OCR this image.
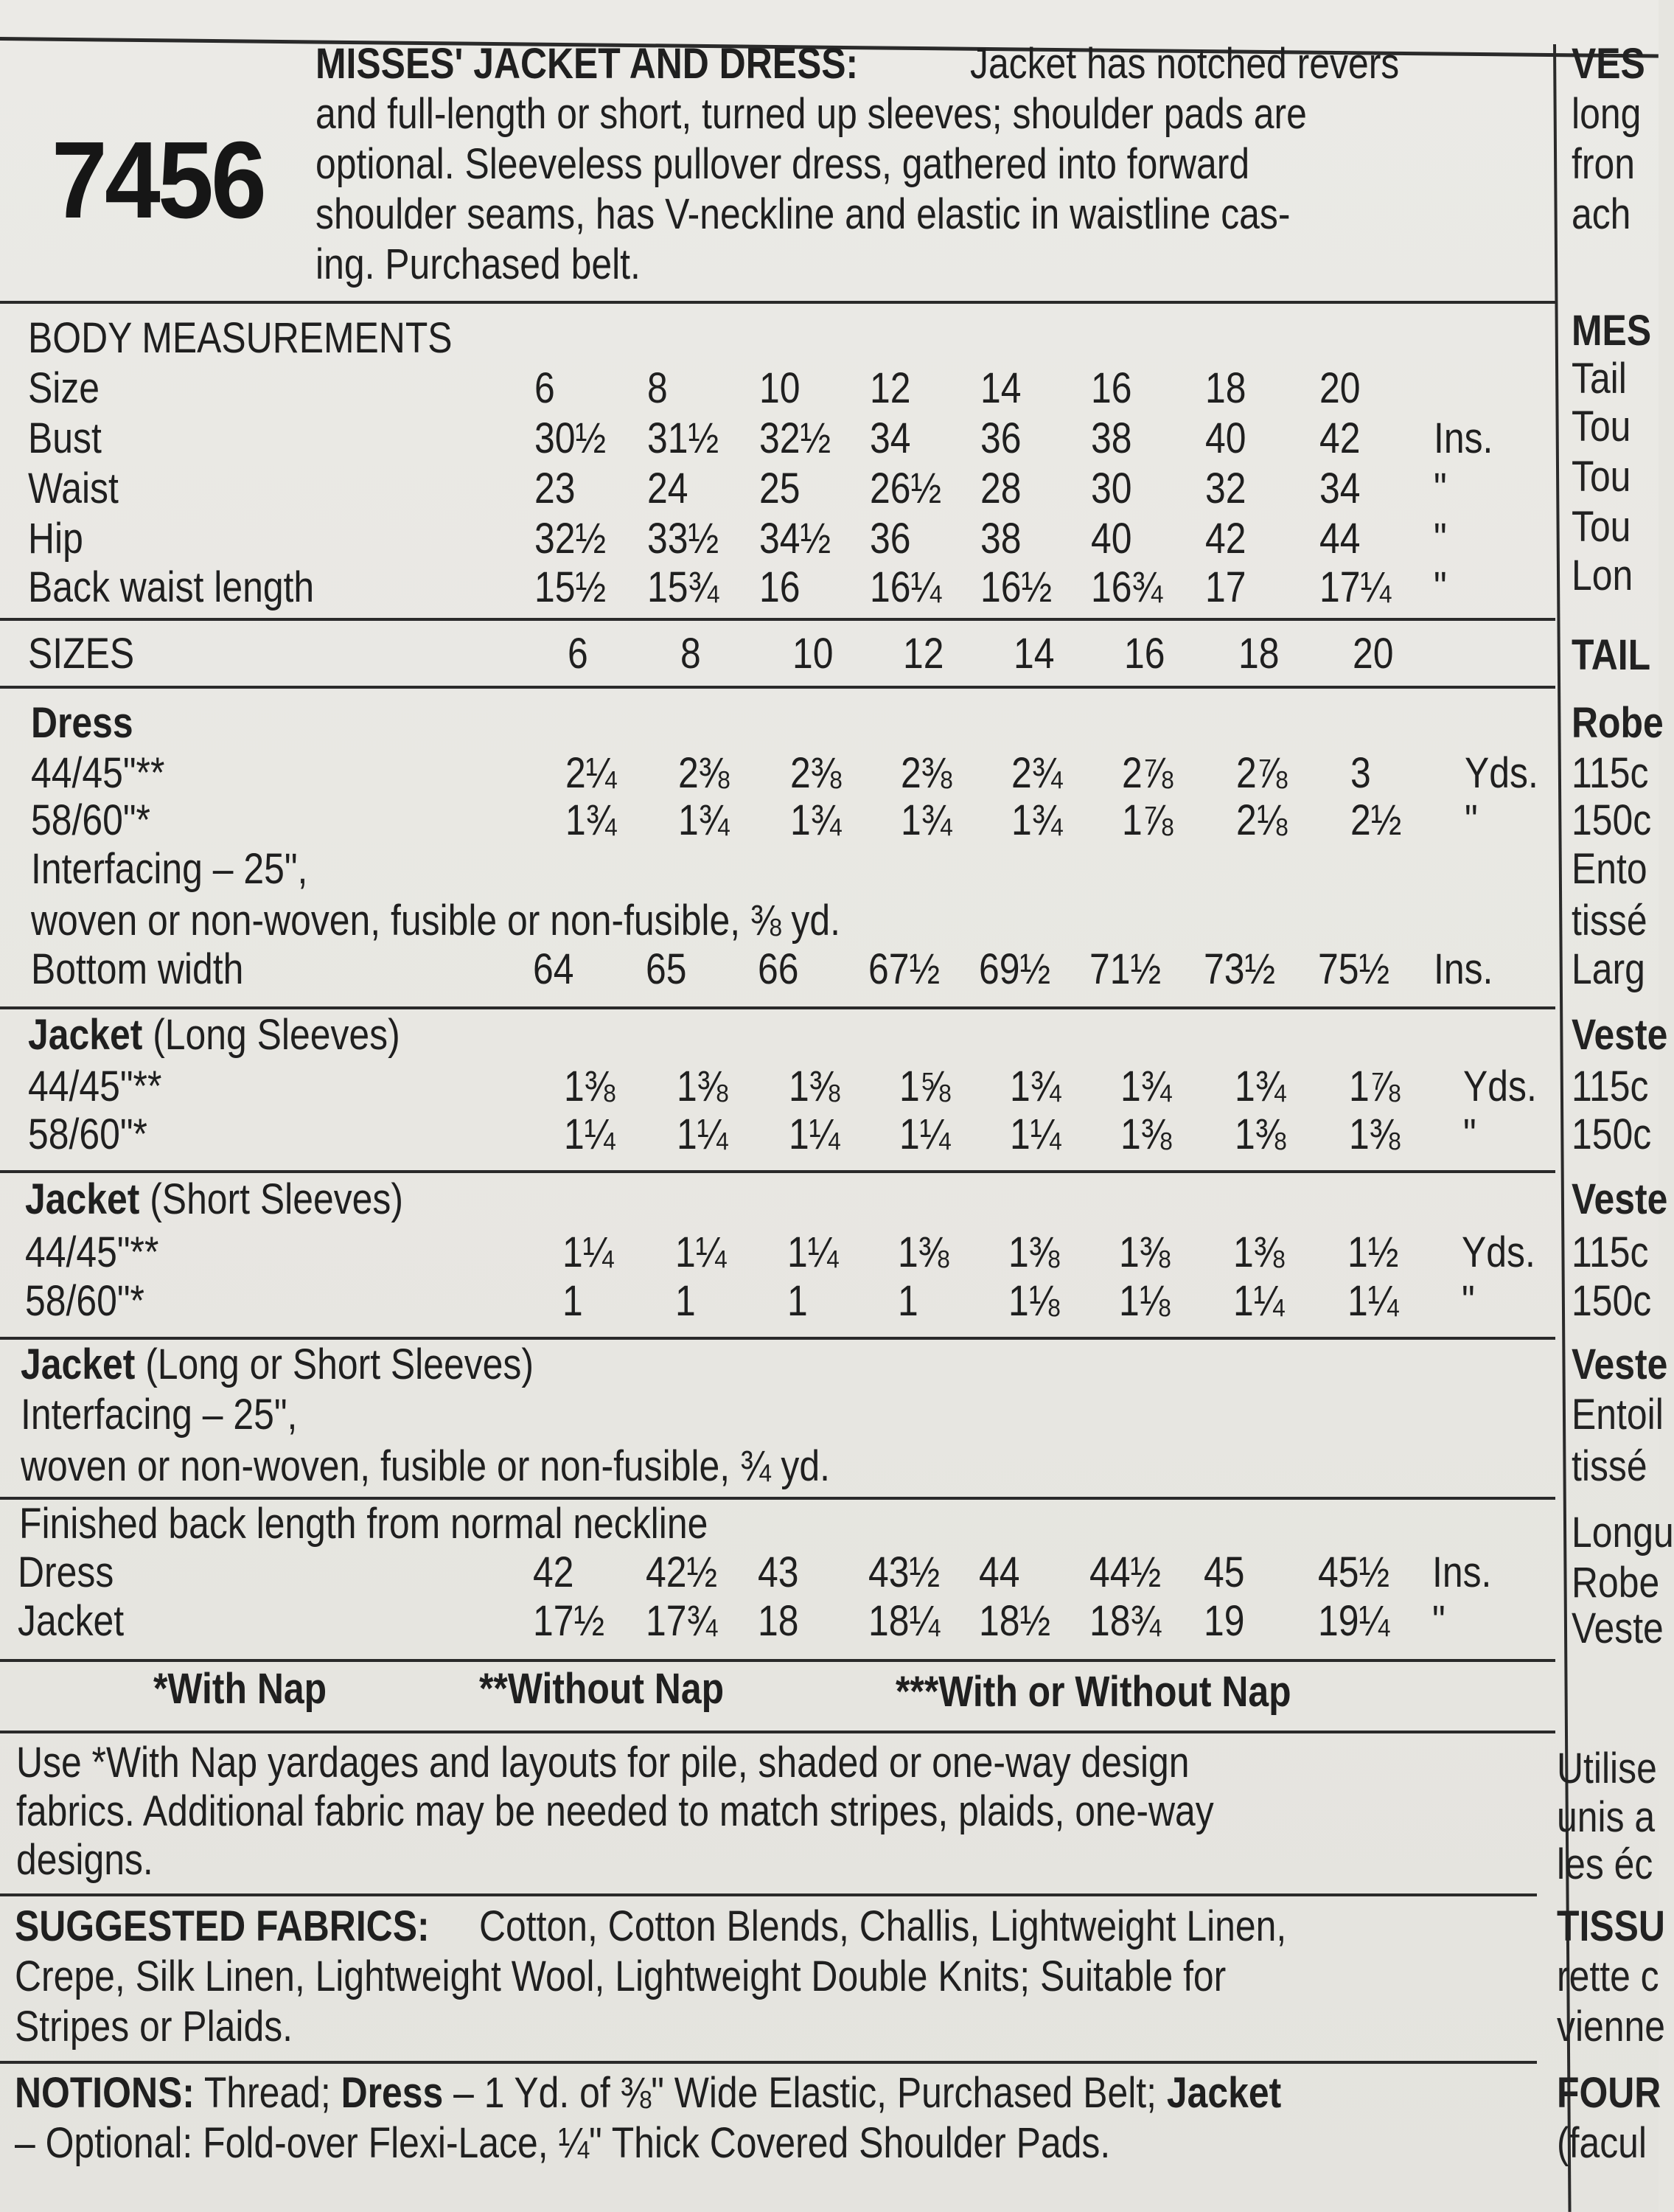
7456
MISSES' JACKET AND DRESS:	Jacket has notched revers
and full-length or short, turned up sleeves; shoulder pads are
optional. Sleeveless pullover dress, gathered into forward
shoulder seams, has V-neckline and elastic in waistline cas-
ing. Purchased belt.
BODY MEASUREMENTS
Size	6 8 10 12 14 16 18 20
Bust	30½ 31½ 32½ 34 36 38 40 42 Ins.
Waist	23 24 25 26½ 28 30 32 34 "
Hip	32½ 33½ 34½ 36 38 40 42 44 "
Back waist length	15½ 15¾ 16 16¼ 16½ 16¾ 17 17¼ "
SIZES	6 8 10 12 14 16 18 20
Dress
44/45"**	2¼ 2⅜ 2⅜ 2⅜ 2¾ 2⅞ 2⅞ 3 Yds.
58/60"*	1¾ 1¾ 1¾ 1¾ 1¾ 1⅞ 2⅛ 2½ "
Interfacing – 25",
woven or non-woven, fusible or non-fusible, ⅜ yd.
Bottom width	64 65 66 67½ 69½ 71½ 73½ 75½ Ins.
Jacket (Long Sleeves)
44/45"**	1⅜ 1⅜ 1⅜ 1⅝ 1¾ 1¾ 1¾ 1⅞ Yds.
58/60"*	1¼ 1¼ 1¼ 1¼ 1¼ 1⅜ 1⅜ 1⅜ "
Jacket (Short Sleeves)
44/45"**	1¼ 1¼ 1¼ 1⅜ 1⅜ 1⅜ 1⅜ 1½ Yds.
58/60"*	1 1 1 1 1⅛ 1⅛ 1¼ 1¼ "
Jacket (Long or Short Sleeves)
Interfacing – 25",
woven or non-woven, fusible or non-fusible, ¾ yd.
Finished back length from normal neckline
Dress	42 42½ 43 43½ 44 44½ 45 45½ Ins.
Jacket	17½ 17¾ 18 18¼ 18½ 18¾ 19 19¼ "
*With Nap	**Without Nap	***With or Without Nap
Use *With Nap yardages and layouts for pile, shaded or one-way design
fabrics. Additional fabric may be needed to match stripes, plaids, one-way
designs.
SUGGESTED FABRICS: Cotton, Cotton Blends, Challis, Lightweight Linen,
Crepe, Silk Linen, Lightweight Wool, Lightweight Double Knits; Suitable for
Stripes or Plaids.
NOTIONS: Thread; Dress – 1 Yd. of ⅜" Wide Elastic, Purchased Belt; Jacket
– Optional: Fold-over Flexi-Lace, ¼" Thick Covered Shoulder Pads.
VES
long
fron
ach
MES
Tail
Tou
Tou
Tou
Lon
TAIL
Robe
115c
150c
Ento
tissé
Larg
Veste
115c
150c
Veste
115c
150c
Veste
Entoil
tissé
Longu
Robe
Veste
Utilise
unis a
les éc
TISSU
rette c
vienne
FOUR
(facul
